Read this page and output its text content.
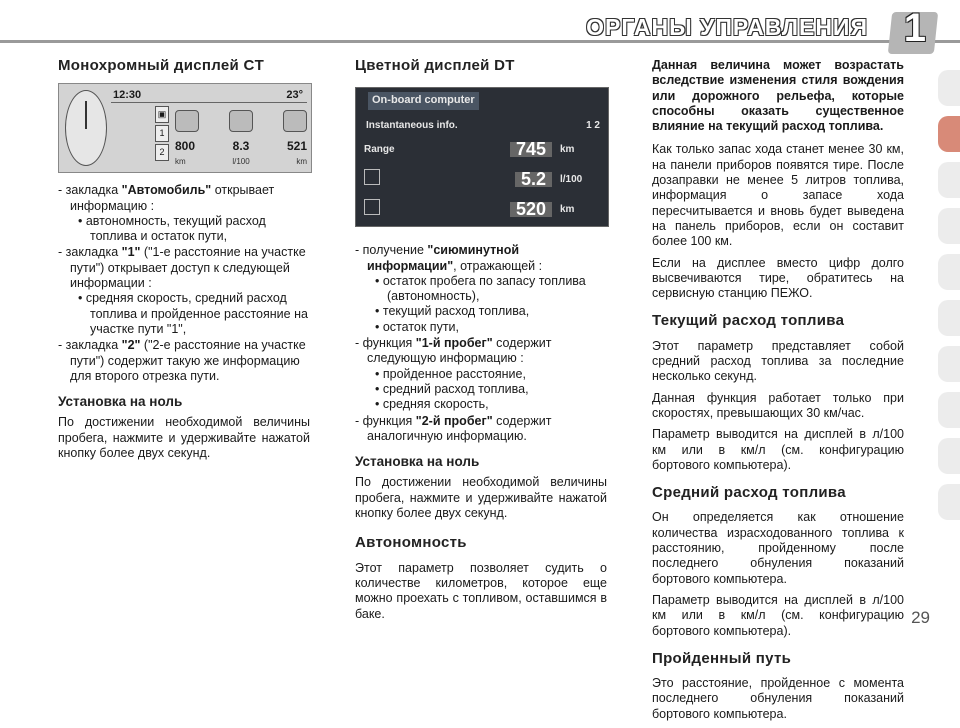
ОРГАНЫ УПРАВЛЕНИЯ 1
Монохромный дисплей CT
12:30	23°
▣
1
2 800	8.3	521
km	l/100	km
- закладка "Автомобиль" открывает информацию :
• автономность, текущий расход топлива и остаток пути,
- закладка "1" ("1-е расстояние на участке пути") открывает доступ к следующей информации :
• средняя скорость, средний расход топлива и пройденное расстояние на участке пути "1",
- закладка "2" ("2-е расстояние на участке пути") содержит такую же информацию для второго отрезка пути.
Установка на ноль

По достижении необходимой величины пробега, нажмите и удерживайте нажатой кнопку более двух секунд.

Цветной дисплей DT
On-board computer
Instantaneous info.	1 2
Range	745	km
5.2	l/100
520	km
- получение "сиюминутной информации", отражающей :
• остаток пробега по запасу топлива (автономность),
• текущий расход топлива,
• остаток пути,
- функция "1-й пробег" содержит следующую информацию :
• пройденное расстояние,
• средний расход топлива,
• средняя скорость,
- функция "2-й пробег" содержит аналогичную информацию.
Установка на ноль

По достижении необходимой величины пробега, нажмите и удерживайте нажатой кнопку более двух секунд.

Автономность

Этот параметр позволяет судить о количестве километров, которое еще можно проехать с топливом, оставшимся в баке.

Данная величина может возрастать вследствие изменения стиля вождения или дорожного рельефа, которые способны оказать существенное влияние на текущий расход топлива.

Как только запас хода станет менее 30 км, на панели приборов появятся тире. После дозаправки не менее 5 литров топлива, информация о запасе хода пересчитывается и вновь будет выведена на панель приборов, если он составит более 100 км.

Если на дисплее вместо цифр долго высвечиваются тире, обратитесь на сервисную станцию ПЕЖО.

Текущий расход топлива

Этот параметр представляет собой средний расход топлива за последние несколько секунд.

Данная функция работает только при скоростях, превышающих 30 км/час.

Параметр выводится на дисплей в л/100 км или в км/л (см. конфигурацию бортового компьютера).

Средний расход топлива

Он определяется как отношение количества израсходованного топлива к расстоянию, пройденному после последнего обнуления показаний бортового компьютера.

Параметр выводится на дисплей в л/100 км или в км/л (см. конфигурацию бортового компьютера).

Пройденный путь

Это расстояние, пройденное с момента последнего обнуления показаний бортового компьютера.

29
